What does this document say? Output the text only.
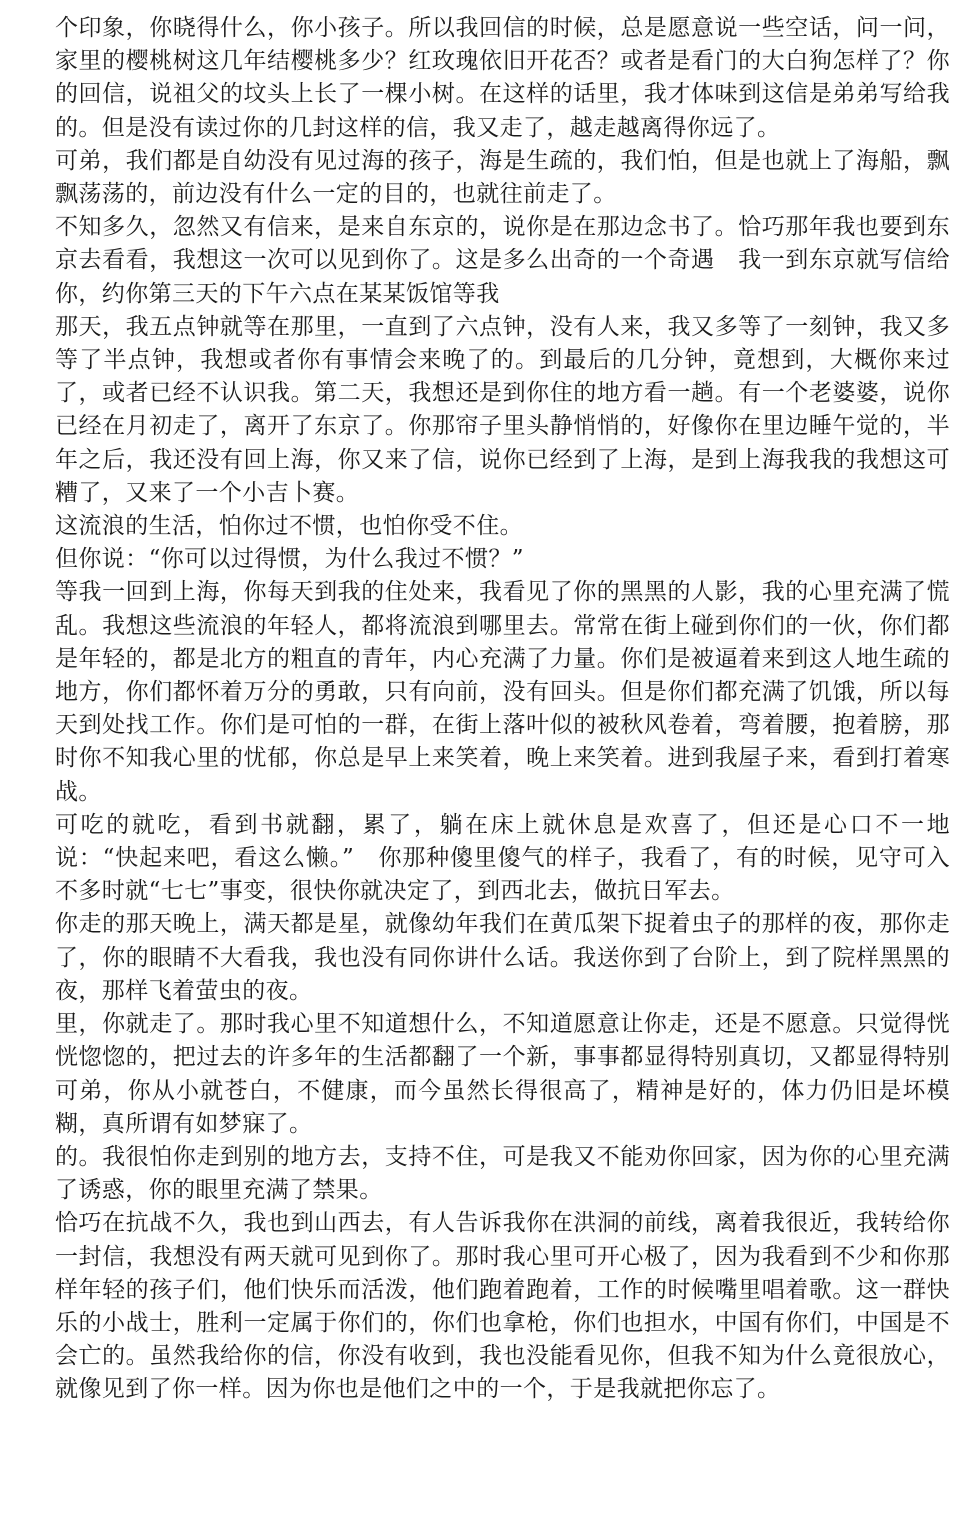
个印象，你晓得什么，你小孩子。所以我回信的时候，总是愿意说一些空话，问一问，家里的樱桃树这几年结樱桃多少？红玫瑰依旧开花否？或者是看门的大白狗怎样了？你的回信，说祖父的坟头上长了一棵小树。在这样的话里，我才体味到这信是弟弟写给我的。但是没有读过你的几封这样的信，我又走了，越走越离得你远了。

可弟，我们都是自幼没有见过海的孩子，海是生疏的，我们怕，但是也就上了海船，飘飘荡荡的，前边没有什么一定的目的，也就往前走了。

不知多久，忽然又有信来，是来自东京的，说你是在那边念书了。恰巧那年我也要到东京去看看，我想这一次可以见到你了。这是多么出奇的一个奇遇　我一到东京就写信给你，约你第三天的下午六点在某某饭馆等我

那天，我五点钟就等在那里，一直到了六点钟，没有人来，我又多等了一刻钟，我又多等了半点钟，我想或者你有事情会来晚了的。到最后的几分钟，竟想到，大概你来过了，或者已经不认识我。第二天，我想还是到你住的地方看一趟。有一个老婆婆，说你已经在月初走了，离开了东京了。你那帘子里头静悄悄的，好像你在里边睡午觉的，半年之后，我还没有回上海，你又来了信，说你已经到了上海，是到上海我我的我想这可糟了，又来了一个小吉卜赛。

这流浪的生活，怕你过不惯，也怕你受不住。

但你说：“你可以过得惯，为什么我过不惯？”

等我一回到上海，你每天到我的住处来，我看见了你的黑黑的人影，我的心里充满了慌乱。我想这些流浪的年轻人，都将流浪到哪里去。常常在街上碰到你们的一伙，你们都是年轻的，都是北方的粗直的青年，内心充满了力量。你们是被逼着来到这人地生疏的地方，你们都怀着万分的勇敢，只有向前，没有回头。但是你们都充满了饥饿，所以每天到处找工作。你们是可怕的一群，在街上落叶似的被秋风卷着，弯着腰，抱着膀，那时你不知我心里的忧郁，你总是早上来笑着，晚上来笑着。进到我屋子来，看到打着寒战。

可吃的就吃，看到书就翻，累了，躺在床上就休息是欢喜了，但还是心口不一地说：“快起来吧，看这么懒。”　你那种傻里傻气的样子，我看了，有的时候，见守可入不多时就“七七”事变，很快你就决定了，到西北去，做抗日军去。

你走的那天晚上，满天都是星，就像幼年我们在黄瓜架下捉着虫子的那样的夜，那你走了，你的眼睛不大看我，我也没有同你讲什么话。我送你到了台阶上，到了院样黑黑的夜，那样飞着萤虫的夜。

里，你就走了。那时我心里不知道想什么，不知道愿意让你走，还是不愿意。只觉得恍恍惚惚的，把过去的许多年的生活都翻了一个新，事事都显得特别真切，又都显得特别可弟，你从小就苍白，不健康，而今虽然长得很高了，精神是好的，体力仍旧是坏模糊，真所谓有如梦寐了。

的。我很怕你走到别的地方去，支持不住，可是我又不能劝你回家，因为你的心里充满了诱惑，你的眼里充满了禁果。

恰巧在抗战不久，我也到山西去，有人告诉我你在洪洞的前线，离着我很近，我转给你一封信，我想没有两天就可见到你了。那时我心里可开心极了，因为我看到不少和你那样年轻的孩子们，他们快乐而活泼，他们跑着跑着，工作的时候嘴里唱着歌。这一群快乐的小战士，胜利一定属于你们的，你们也拿枪，你们也担水，中国有你们，中国是不会亡的。虽然我给你的信，你没有收到，我也没能看见你，但我不知为什么竟很放心，就像见到了你一样。因为你也是他们之中的一个，于是我就把你忘了。
